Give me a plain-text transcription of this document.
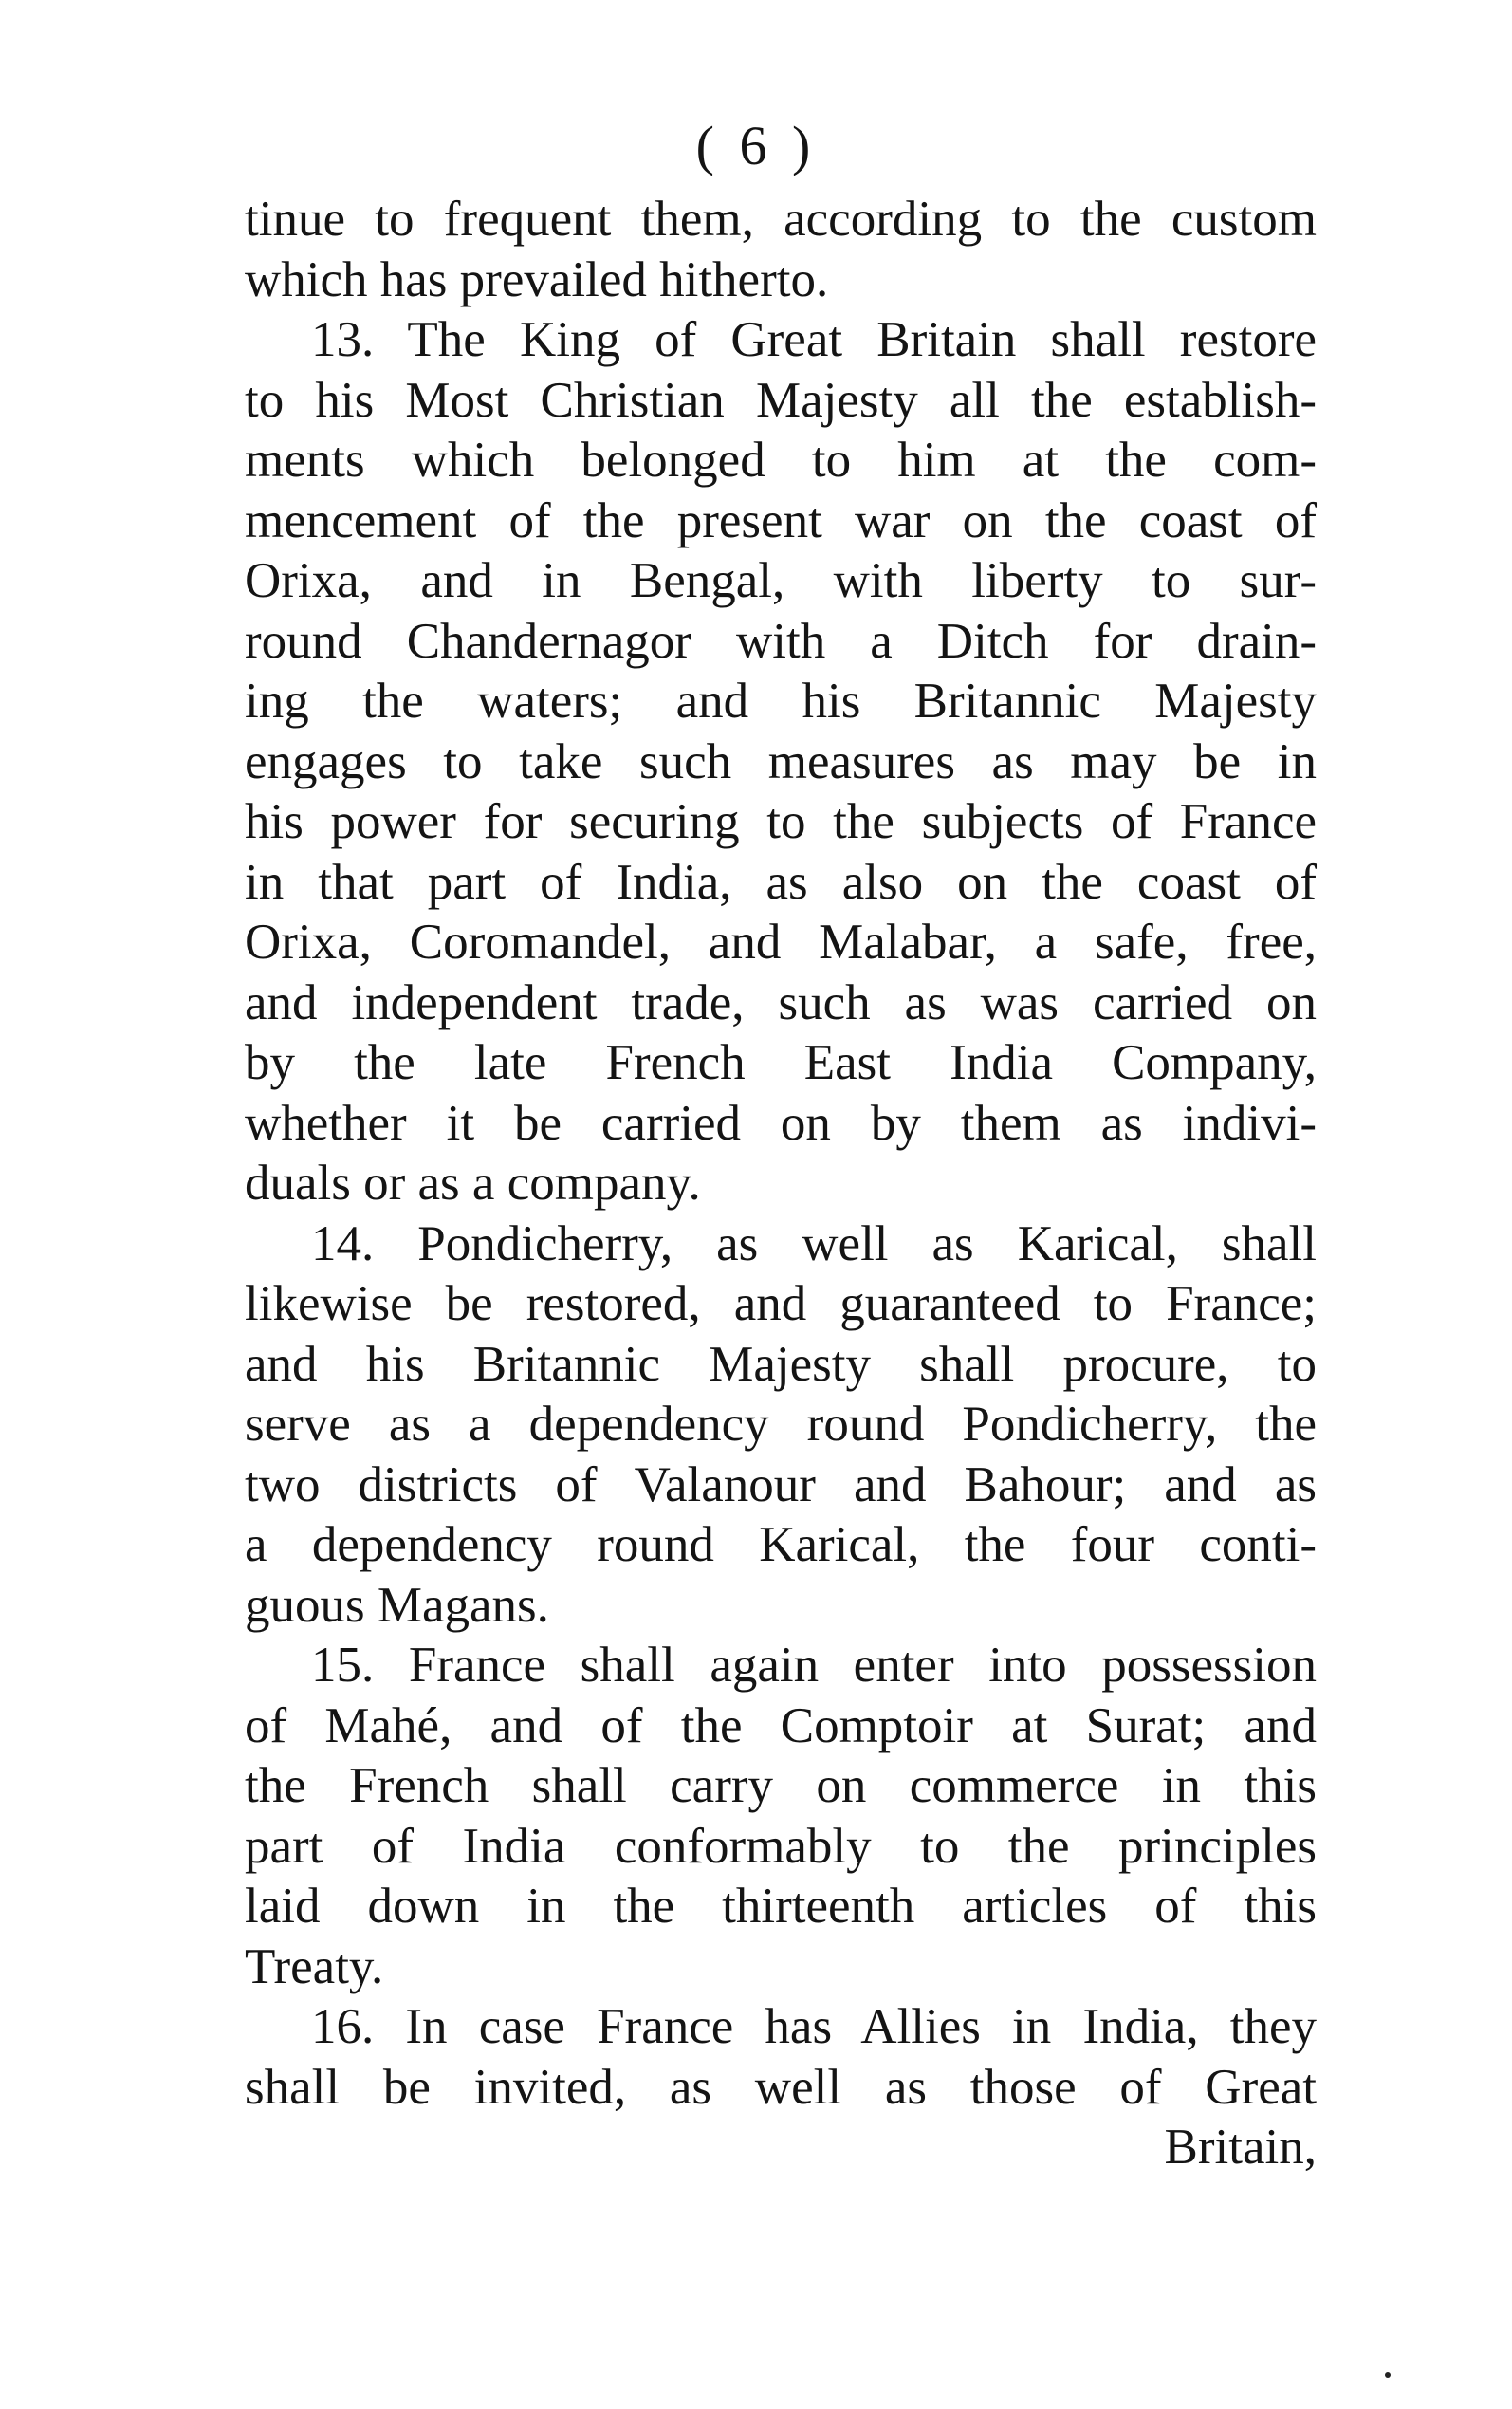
( 6 )
tinue to frequent them, according to the custom
which has prevailed hitherto.
13. The King of Great Britain shall restore
to his Most Christian Majesty all the establish-
ments which belonged to him at the com-
mencement of the present war on the coast of
Orixa, and in Bengal, with liberty to sur-
round Chandernagor with a Ditch for drain-
ing the waters; and his Britannic Majesty
engages to take such measures as may be in
his power for securing to the subjects of France
in that part of India, as also on the coast of
Orixa, Coromandel, and Malabar, a safe, free,
and independent trade, such as was carried on
by the late French East India Company,
whether it be carried on by them as indivi-
duals or as a company.
14. Pondicherry, as well as Karical, shall
likewise be restored, and guaranteed to France;
and his Britannic Majesty shall procure, to
serve as a dependency round Pondicherry, the
two districts of Valanour and Bahour; and as
a dependency round Karical, the four conti-
guous Magans.
15. France shall again enter into possession
of Mahé, and of the Comptoir at Surat; and
the French shall carry on commerce in this
part of India conformably to the principles
laid down in the thirteenth articles of this
Treaty.
16. In case France has Allies in India, they
shall be invited, as well as those of Great
Britain,
